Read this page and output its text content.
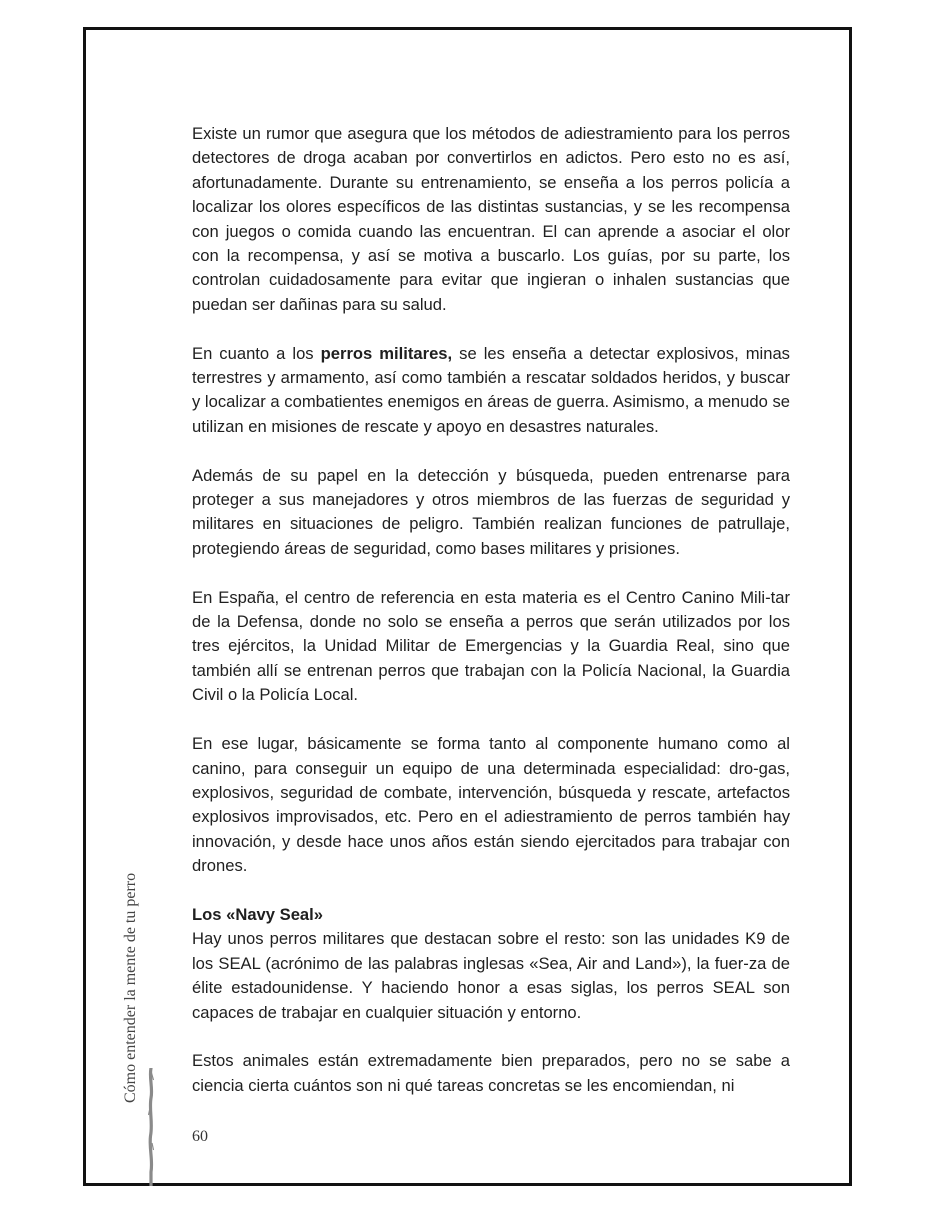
Existe un rumor que asegura que los métodos de adiestramiento para los perros detectores de droga acaban por convertirlos en adictos. Pero esto no es así, afortunadamente. Durante su entrenamiento, se enseña a los perros policía a localizar los olores específicos de las distintas sustancias, y se les recompensa con juegos o comida cuando las encuentran. El can aprende a asociar el olor con la recompensa, y así se motiva a buscarlo. Los guías, por su parte, los controlan cuidadosamente para evitar que ingieran o inhalen sustancias que puedan ser dañinas para su salud.

En cuanto a los perros militares, se les enseña a detectar explosivos, minas terrestres y armamento, así como también a rescatar soldados heridos, y buscar y localizar a combatientes enemigos en áreas de guerra. Asimismo, a menudo se utilizan en misiones de rescate y apoyo en desastres naturales.

Además de su papel en la detección y búsqueda, pueden entrenarse para proteger a sus manejadores y otros miembros de las fuerzas de seguridad y militares en situaciones de peligro. También realizan funciones de patrullaje, protegiendo áreas de seguridad, como bases militares y prisiones.

En España, el centro de referencia en esta materia es el Centro Canino Mili-tar de la Defensa, donde no solo se enseña a perros que serán utilizados por los tres ejércitos, la Unidad Militar de Emergencias y la Guardia Real, sino que también allí se entrenan perros que trabajan con la Policía Nacional, la Guardia Civil o la Policía Local.

En ese lugar, básicamente se forma tanto al componente humano como al canino, para conseguir un equipo de una determinada especialidad: dro-gas, explosivos, seguridad de combate, intervención, búsqueda y rescate, artefactos explosivos improvisados, etc. Pero en el adiestramiento de perros también hay innovación, y desde hace unos años están siendo ejercitados para trabajar con drones.

Los «Navy Seal»

Hay unos perros militares que destacan sobre el resto: son las unidades K9 de los SEAL (acrónimo de las palabras inglesas «Sea, Air and Land»), la fuer-za de élite estadounidense. Y haciendo honor a esas siglas, los perros SEAL son capaces de trabajar en cualquier situación y entorno.

Estos animales están extremadamente bien preparados, pero no se sabe a ciencia cierta cuántos son ni qué tareas concretas se les encomiendan, ni

Cómo entender la mente de tu perro
60
